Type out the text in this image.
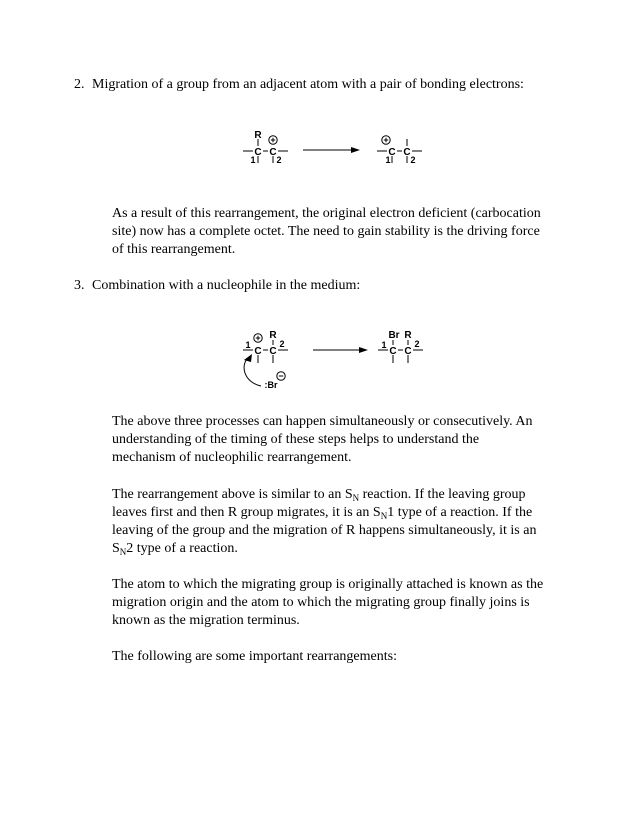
2. Migration of a group from an adjacent atom with a pair of bonding electrons:
R
C C
1 2
C C
1 2
1	2
R
C C
:Br
Br R
1	2
C C
As a result of this rearrangement, the original electron deficient (carbocation
site) now has a complete octet. The need to gain stability is the driving force
of this rearrangement.
3. Combination with a nucleophile in the medium:
The above three processes can happen simultaneously or consecutively. An
understanding of the timing of these steps helps to understand the
mechanism of nucleophilic rearrangement.
The rearrangement above is similar to an $S_N$ reaction. If the leaving group
leaves first and then R group migrates, it is an $S_N1$ type of a reaction. If the
leaving of the group and the migration of R happens simultaneously, it is an
$S_N2$ type of a reaction.
The atom to which the migrating group is originally attached is known as the
migration origin and the atom to which the migrating group finally joins is
known as the migration terminus.
The following are some important rearrangements:
